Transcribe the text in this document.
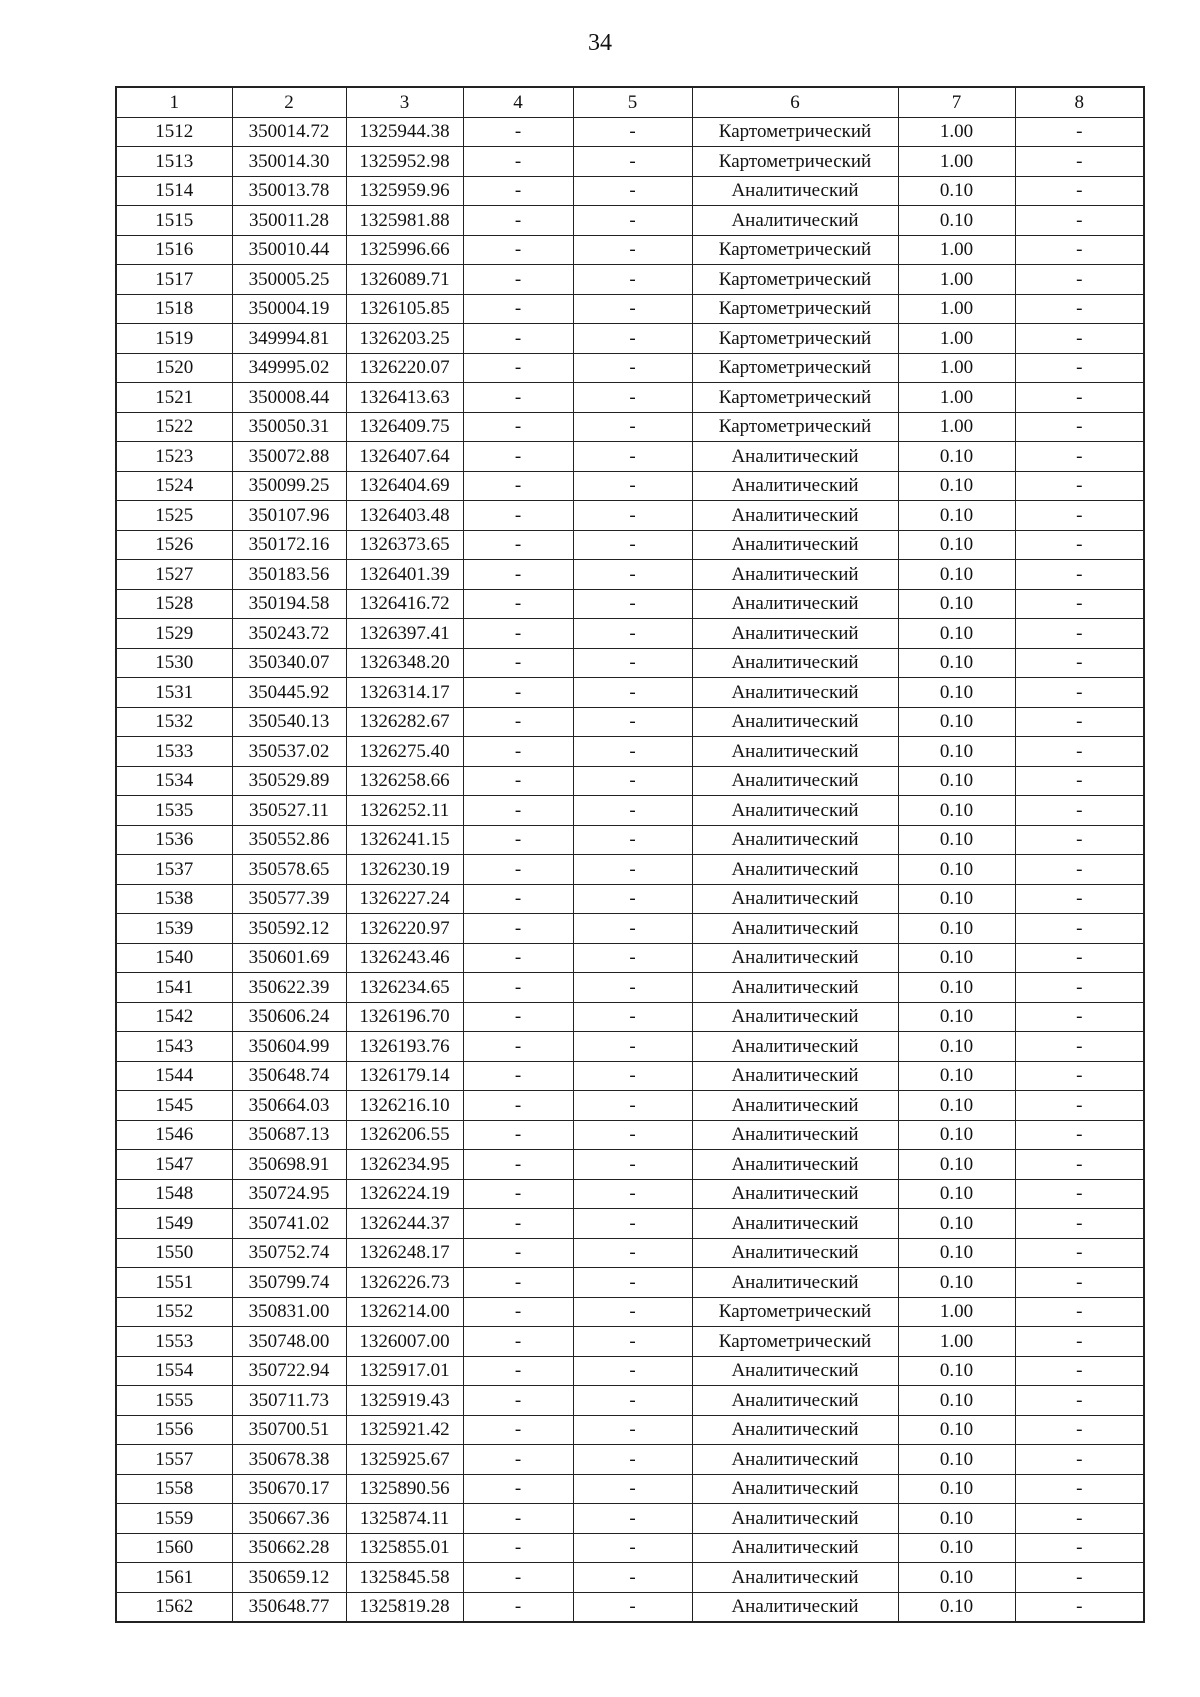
34
1	2	3	4	5	6	7	8
1512	350014.72	1325944.38	-	-	Картометрический	1.00	-
1513	350014.30	1325952.98	-	-	Картометрический	1.00	-
1514	350013.78	1325959.96	-	-	Аналитический	0.10	-
1515	350011.28	1325981.88	-	-	Аналитический	0.10	-
1516	350010.44	1325996.66	-	-	Картометрический	1.00	-
1517	350005.25	1326089.71	-	-	Картометрический	1.00	-
1518	350004.19	1326105.85	-	-	Картометрический	1.00	-
1519	349994.81	1326203.25	-	-	Картометрический	1.00	-
1520	349995.02	1326220.07	-	-	Картометрический	1.00	-
1521	350008.44	1326413.63	-	-	Картометрический	1.00	-
1522	350050.31	1326409.75	-	-	Картометрический	1.00	-
1523	350072.88	1326407.64	-	-	Аналитический	0.10	-
1524	350099.25	1326404.69	-	-	Аналитический	0.10	-
1525	350107.96	1326403.48	-	-	Аналитический	0.10	-
1526	350172.16	1326373.65	-	-	Аналитический	0.10	-
1527	350183.56	1326401.39	-	-	Аналитический	0.10	-
1528	350194.58	1326416.72	-	-	Аналитический	0.10	-
1529	350243.72	1326397.41	-	-	Аналитический	0.10	-
1530	350340.07	1326348.20	-	-	Аналитический	0.10	-
1531	350445.92	1326314.17	-	-	Аналитический	0.10	-
1532	350540.13	1326282.67	-	-	Аналитический	0.10	-
1533	350537.02	1326275.40	-	-	Аналитический	0.10	-
1534	350529.89	1326258.66	-	-	Аналитический	0.10	-
1535	350527.11	1326252.11	-	-	Аналитический	0.10	-
1536	350552.86	1326241.15	-	-	Аналитический	0.10	-
1537	350578.65	1326230.19	-	-	Аналитический	0.10	-
1538	350577.39	1326227.24	-	-	Аналитический	0.10	-
1539	350592.12	1326220.97	-	-	Аналитический	0.10	-
1540	350601.69	1326243.46	-	-	Аналитический	0.10	-
1541	350622.39	1326234.65	-	-	Аналитический	0.10	-
1542	350606.24	1326196.70	-	-	Аналитический	0.10	-
1543	350604.99	1326193.76	-	-	Аналитический	0.10	-
1544	350648.74	1326179.14	-	-	Аналитический	0.10	-
1545	350664.03	1326216.10	-	-	Аналитический	0.10	-
1546	350687.13	1326206.55	-	-	Аналитический	0.10	-
1547	350698.91	1326234.95	-	-	Аналитический	0.10	-
1548	350724.95	1326224.19	-	-	Аналитический	0.10	-
1549	350741.02	1326244.37	-	-	Аналитический	0.10	-
1550	350752.74	1326248.17	-	-	Аналитический	0.10	-
1551	350799.74	1326226.73	-	-	Аналитический	0.10	-
1552	350831.00	1326214.00	-	-	Картометрический	1.00	-
1553	350748.00	1326007.00	-	-	Картометрический	1.00	-
1554	350722.94	1325917.01	-	-	Аналитический	0.10	-
1555	350711.73	1325919.43	-	-	Аналитический	0.10	-
1556	350700.51	1325921.42	-	-	Аналитический	0.10	-
1557	350678.38	1325925.67	-	-	Аналитический	0.10	-
1558	350670.17	1325890.56	-	-	Аналитический	0.10	-
1559	350667.36	1325874.11	-	-	Аналитический	0.10	-
1560	350662.28	1325855.01	-	-	Аналитический	0.10	-
1561	350659.12	1325845.58	-	-	Аналитический	0.10	-
1562	350648.77	1325819.28	-	-	Аналитический	0.10	-
